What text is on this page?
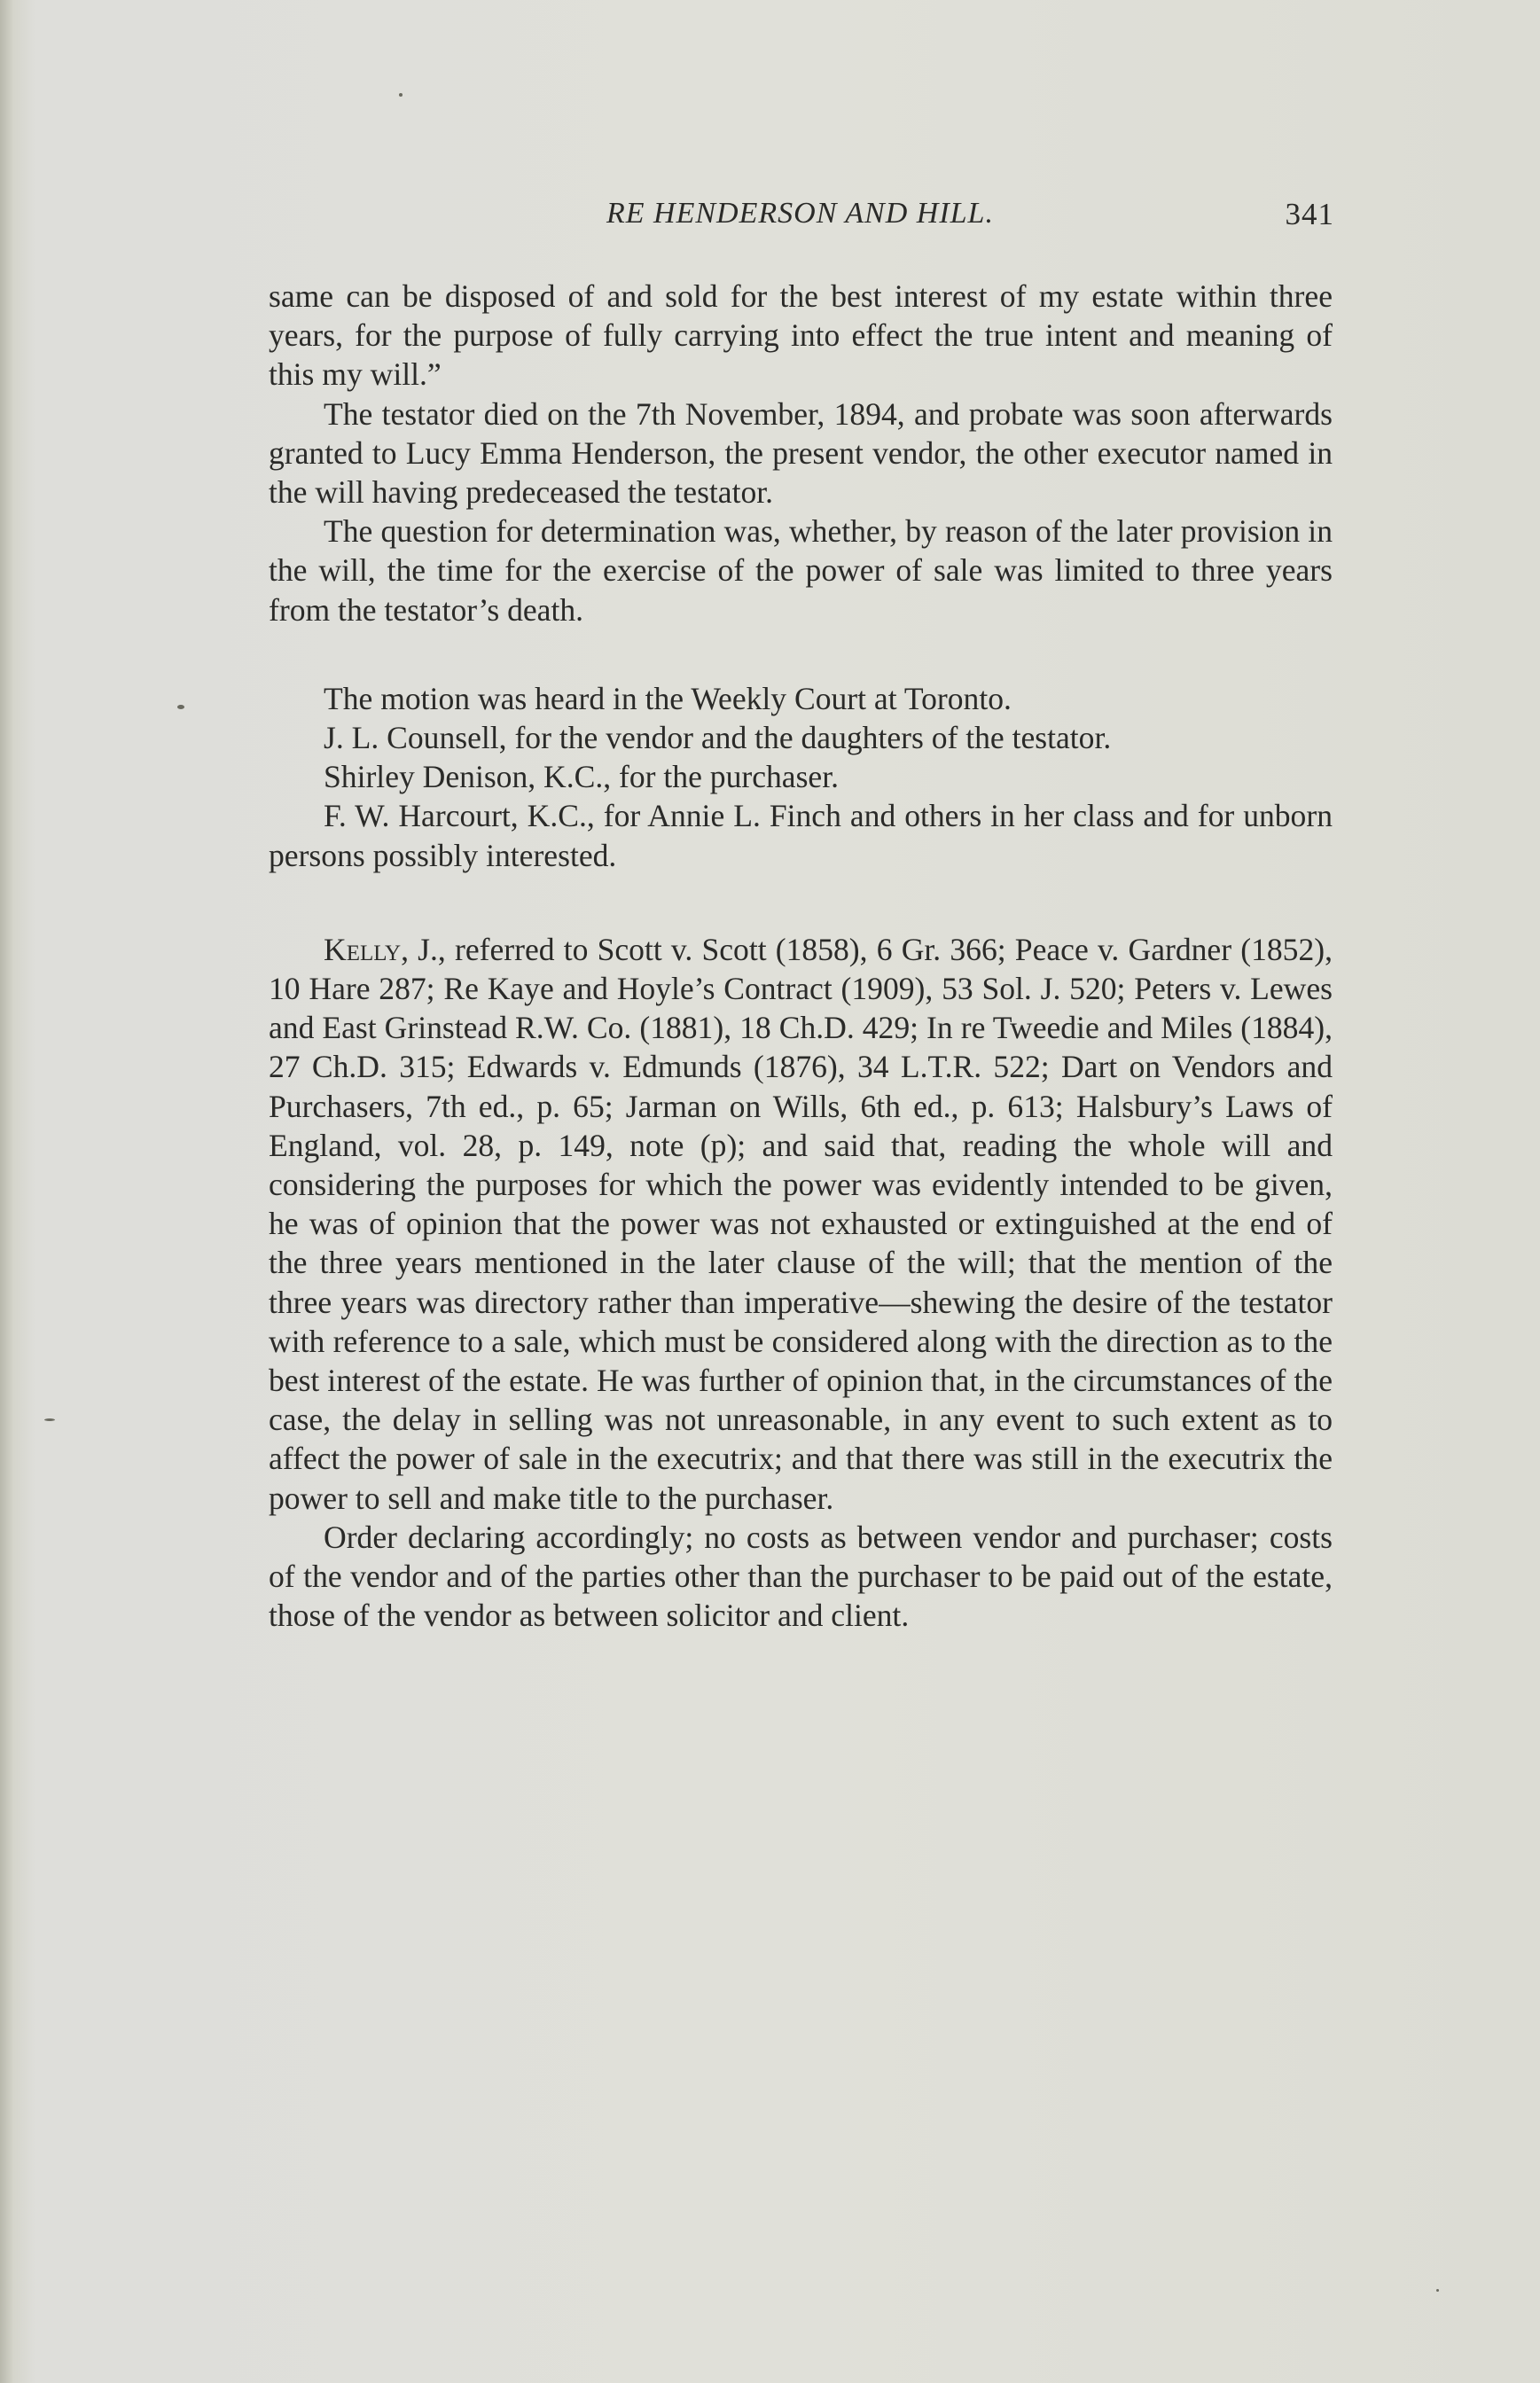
RE HENDERSON AND HILL.	341

same can be disposed of and sold for the best interest of my estate within three years, for the purpose of fully carrying into effect the true intent and meaning of this my will.”

The testator died on the 7th November, 1894, and probate was soon afterwards granted to Lucy Emma Henderson, the present vendor, the other executor named in the will having predeceased the testator.

The question for determination was, whether, by reason of the later provision in the will, the time for the exercise of the power of sale was limited to three years from the testator’s death.

The motion was heard in the Weekly Court at Toronto.

J. L. Counsell, for the vendor and the daughters of the testator.

Shirley Denison, K.C., for the purchaser.

F. W. Harcourt, K.C., for Annie L. Finch and others in her class and for unborn persons possibly interested.

Kelly, J., referred to Scott v. Scott (1858), 6 Gr. 366; Peace v. Gardner (1852), 10 Hare 287; Re Kaye and Hoyle’s Contract (1909), 53 Sol. J. 520; Peters v. Lewes and East Grinstead R.W. Co. (1881), 18 Ch.D. 429; In re Tweedie and Miles (1884), 27 Ch.D. 315; Edwards v. Edmunds (1876), 34 L.T.R. 522; Dart on Vendors and Purchasers, 7th ed., p. 65; Jarman on Wills, 6th ed., p. 613; Halsbury’s Laws of England, vol. 28, p. 149, note (p); and said that, reading the whole will and considering the purposes for which the power was evidently intended to be given, he was of opinion that the power was not exhausted or extinguished at the end of the three years mentioned in the later clause of the will; that the mention of the three years was directory rather than imperative—shewing the desire of the testator with reference to a sale, which must be considered along with the direction as to the best interest of the estate. He was further of opinion that, in the circumstances of the case, the delay in selling was not unreasonable, in any event to such extent as to affect the power of sale in the executrix; and that there was still in the executrix the power to sell and make title to the purchaser.

Order declaring accordingly; no costs as between vendor and purchaser; costs of the vendor and of the parties other than the purchaser to be paid out of the estate, those of the vendor as between solicitor and client.
